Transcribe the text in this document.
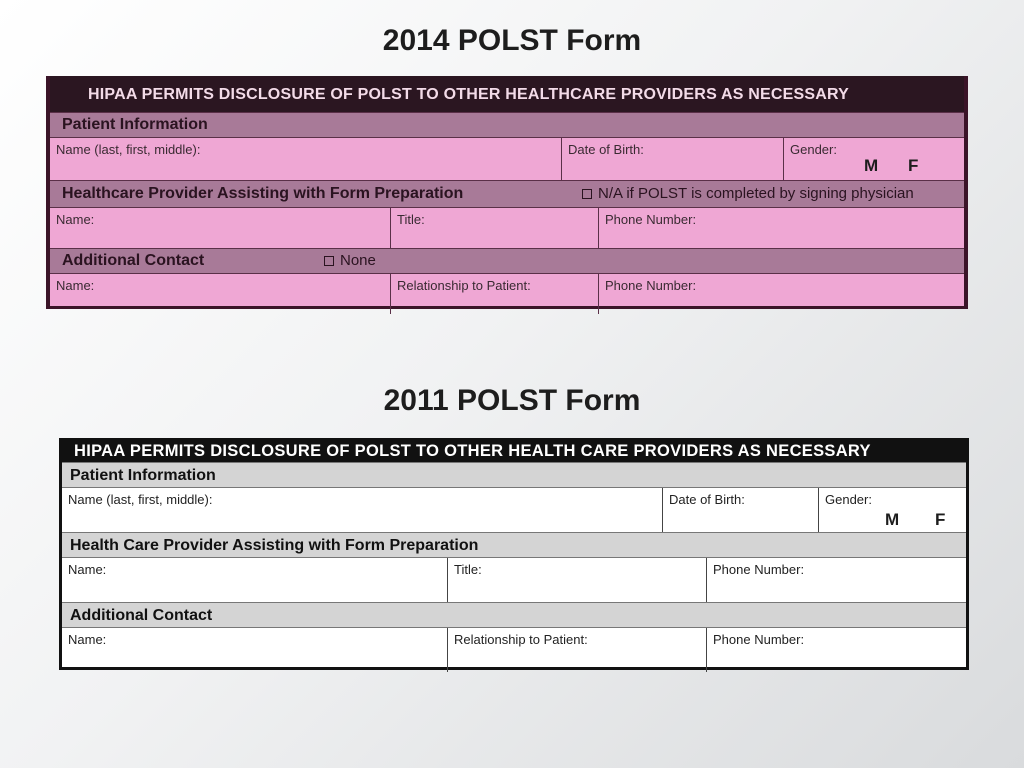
2014 POLST Form
HIPAA PERMITS DISCLOSURE OF POLST TO OTHER HEALTHCARE PROVIDERS AS NECESSARY
Patient Information
Name (last, first, middle):	Date of Birth:	Gender:
M F
Healthcare Provider Assisting with Form Preparation	N/A if POLST is completed by signing physician
Name:	Title:	Phone Number:
Additional Contact	None
Name:	Relationship to Patient:	Phone Number:
2011 POLST Form
HIPAA PERMITS DISCLOSURE OF POLST TO OTHER HEALTH CARE PROVIDERS AS NECESSARY
Patient Information
Name (last, first, middle):	Date of Birth:	Gender:
M F
Health Care Provider Assisting with Form Preparation
Name:	Title:	Phone Number:
Additional Contact
Name:	Relationship to Patient:	Phone Number:
